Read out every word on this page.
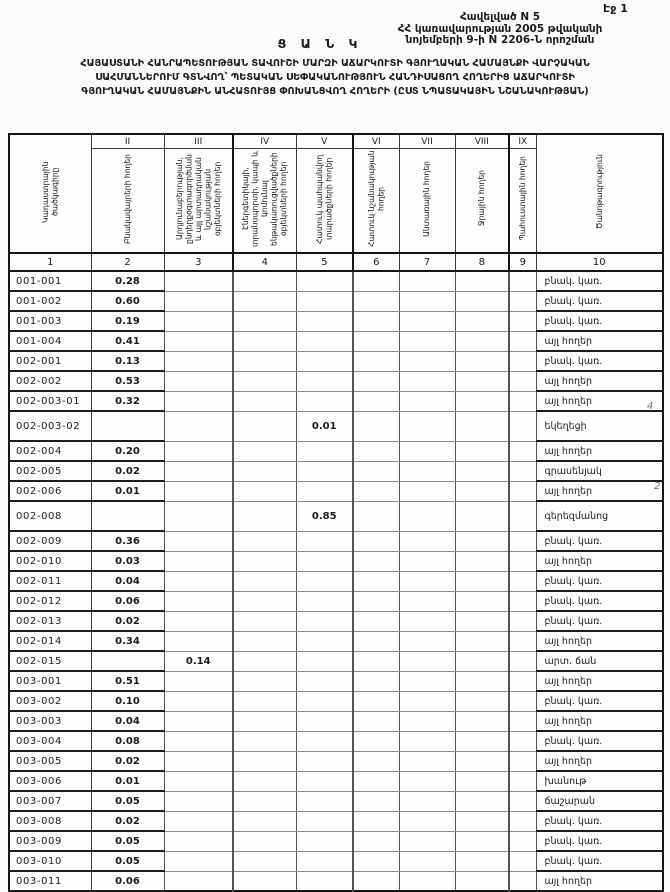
Էջ 1
Հավելված N 5
ՀՀ կառավարության 2005 թվականի
նոյեմբերի 9-ի N 2206-Ն որոշման
Ց Ա Ն Կ
ՀԱՅԱՍՏԱՆԻ ՀԱՆՐԱՊԵՏՈՒԹՅԱՆ ՏԱՎՈՒՇԻ ՄԱՐԶԻ ԱՃԱՐԿՈՒՏԻ ԳՅՈՒՂԱԿԱՆ ՀԱՄԱՅՆՔԻ ՎԱՐՉԱԿԱՆ
ՍԱՀՄԱՆՆԵՐՈՒՄ ԳՏՆՎՈՂ՝ ՊԵՏԱԿԱՆ ՍԵՓԱԿԱՆՈՒԹՅՈՒՆ ՀԱՆԴԻՍԱՑՈՂ ՀՈՂԵՐԻՑ ԱՃԱՐԿՈՒՏԻ
ԳՅՈՒՂԱԿԱՆ ՀԱՄԱՅՆՔԻՆ ԱՆՀԱՏՈՒՅՑ ՓՈԽԱՆՑՎՈՂ ՀՈՂԵՐԻ (ԸՍՏ ՆՊԱՏԱԿԱՅԻՆ ՆՇԱՆԱԿՈՒԹՅԱՆ)
Կադաստրային ծածկագիրը	II	III	IV	V	VI	VII	VIII	IX	Ծանոթագրություն
	Բնակավայրերի հողեր	Արդյունաբերության, ընդերքօգտագործման և այլ արտադրական նշանակության օբյեկտների հողեր	Էներգետիկայի, տրանսպորտի, կապի և կոմունալ ենթակառուցվածքների օբյեկտների հողեր	Հատուկ պահպանվող տարածքների հողեր	Հատուկ նշանակության հողեր	Անտառային հողեր	Ջրային հողեր	Պահուստային հողեր	
1	2	3	4	5	6	7	8	9	10
001-001	0.28								բնակ. կառ.
001-002	0.60								բնակ. կառ.
001-003	0.19								բնակ. կառ.
001-004	0.41								այլ հողեր
002-001	0.13								բնակ. կառ.
002-002	0.53								այլ հողեր
002-003-01	0.32								այլ հողեր
002-003-02				0.01					եկեղեցի
002-004	0.20								այլ հողեր
002-005	0.02								գրասենյակ
002-006	0.01								այլ հողեր
002-008				0.85					գերեզմանոց
002-009	0.36								բնակ. կառ.
002-010	0.03								այլ հողեր
002-011	0.04								բնակ. կառ.
002-012	0.06								բնակ. կառ.
002-013	0.02								բնակ. կառ.
002-014	0.34								այլ հողեր
002-015		0.14							արտ. ճան
003-001	0.51								այլ հողեր
003-002	0.10								բնակ. կառ.
003-003	0.04								այլ հողեր
003-004	0.08								բնակ. կառ.
003-005	0.02								այլ հողեր
003-006	0.01								խանութ
003-007	0.05								ճաշարան
003-008	0.02								բնակ. կառ.
003-009	0.05								բնակ. կառ.
003-010	0.05								բնակ. կառ.
003-011	0.06								այլ հողեր
4
2
